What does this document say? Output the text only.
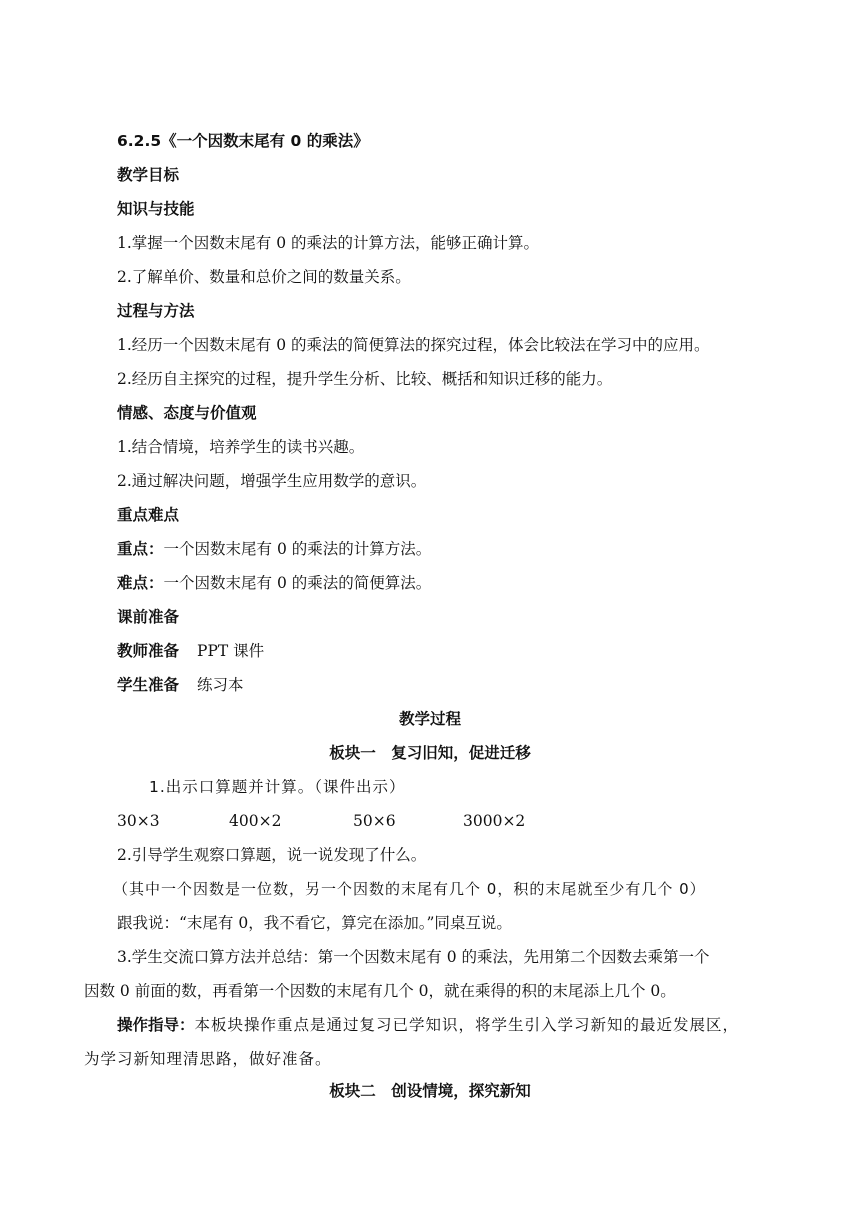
6.2.5《一个因数末尾有 0 的乘法》
教学目标
知识与技能
1.掌握一个因数末尾有 0 的乘法的计算方法，能够正确计算。
2.了解单价、数量和总价之间的数量关系。
过程与方法
1.经历一个因数末尾有 0 的乘法的简便算法的探究过程，体会比较法在学习中的应用。
2.经历自主探究的过程，提升学生分析、比较、概括和知识迁移的能力。
情感、态度与价值观
1.结合情境，培养学生的读书兴趣。
2.通过解决问题，增强学生应用数学的意识。
重点难点
重点：一个因数末尾有 0 的乘法的计算方法。
难点：一个因数末尾有 0 的乘法的简便算法。
课前准备
教师准备 PPT 课件
学生准备 练习本
教学过程
板块一　复习旧知，促进迁移
1.出示口算题并计算。（课件出示）
30×3	400×2	50×6	3000×2
2.引导学生观察口算题，说一说发现了什么。
（其中一个因数是一位数，另一个因数的末尾有几个 0，积的末尾就至少有几个 0）
跟我说：“末尾有 0，我不看它，算完在添加。”同桌互说。
3.学生交流口算方法并总结：第一个因数末尾有 0 的乘法，先用第二个因数去乘第一个
因数 0 前面的数，再看第一个因数的末尾有几个 0，就在乘得的积的末尾添上几个 0。
操作指导：本板块操作重点是通过复习已学知识，将学生引入学习新知的最近发展区，
为学习新知理清思路，做好准备。
板块二　创设情境，探究新知
